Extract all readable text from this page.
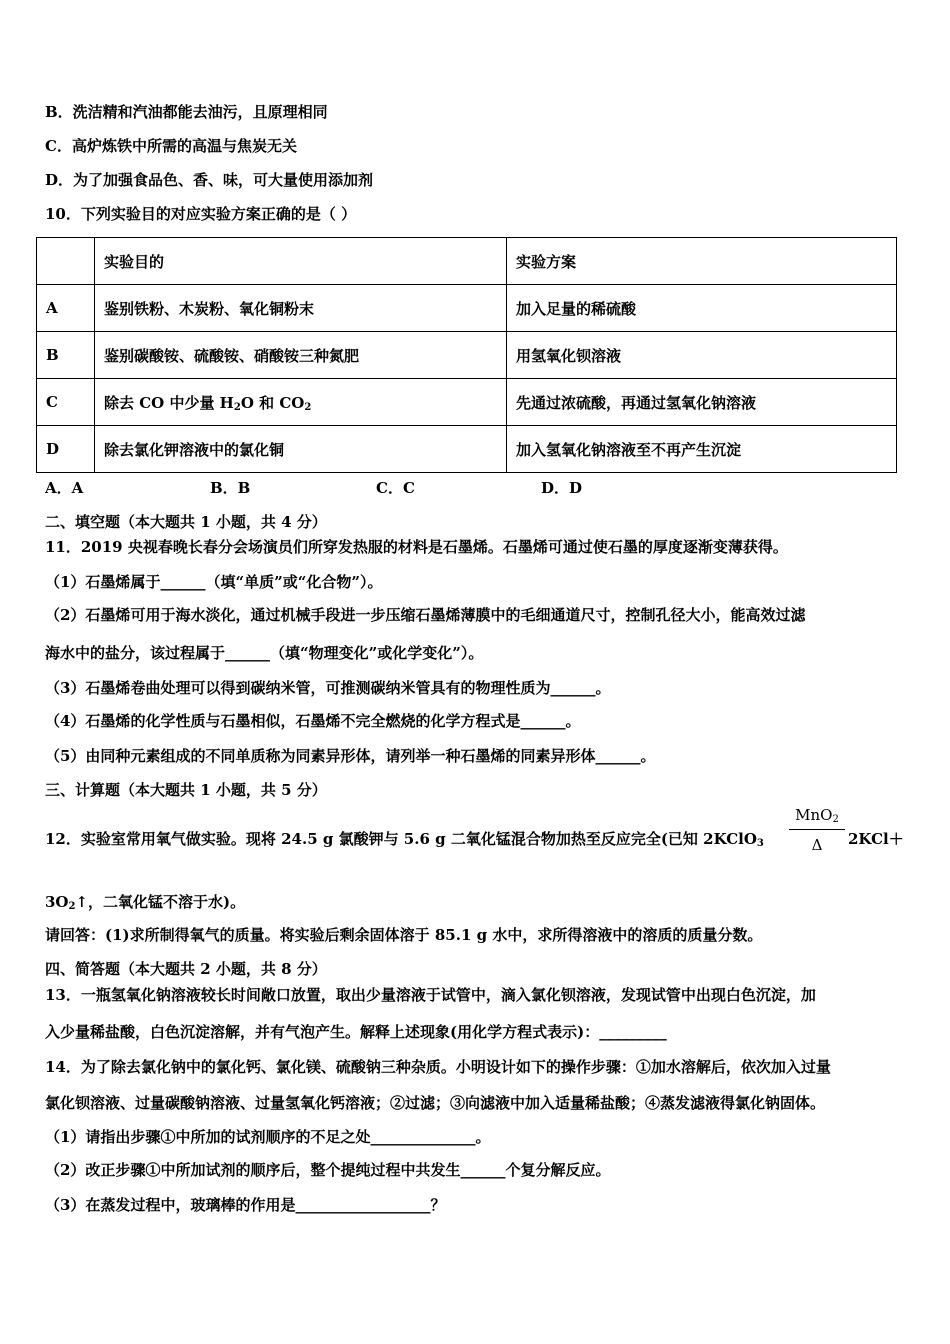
B．洗洁精和汽油都能去油污，且原理相同
C．高炉炼铁中所需的高温与焦炭无关
D．为了加强食品色、香、味，可大量使用添加剂
10．下列实验目的对应实验方案正确的是（ ）
	实验目的	实验方案
A	鉴别铁粉、木炭粉、氧化铜粉末	加入足量的稀硫酸
B	鉴别碳酸铵、硫酸铵、硝酸铵三种氮肥	用氢氧化钡溶液
C	除去 CO 中少量 $H_2O$ 和 $CO_2$	先通过浓硫酸，再通过氢氧化钠溶液
D	除去氯化钾溶液中的氯化铜	加入氢氧化钠溶液至不再产生沉淀
A．A	B．B	C．C	D．D
二、填空题（本大题共 1 小题，共 4 分）
11．2019 央视春晚长春分会场演员们所穿发热服的材料是石墨烯。石墨烯可通过使石墨的厚度逐渐变薄获得。
（1）石墨烯属于______（填“单质”或“化合物”）。
（2）石墨烯可用于海水淡化，通过机械手段进一步压缩石墨烯薄膜中的毛细通道尺寸，控制孔径大小，能高效过滤
海水中的盐分，该过程属于______（填“物理变化”或化学变化”）。
（3）石墨烯卷曲处理可以得到碳纳米管，可推测碳纳米管具有的物理性质为______。
（4）石墨烯的化学性质与石墨相似，石墨烯不完全燃烧的化学方程式是______。
（5）由同种元素组成的不同单质称为同素异形体，请列举一种石墨烯的同素异形体______。
三、计算题（本大题共 1 小题，共 5 分）
12．实验室常用氧气做实验。现将 24.5 g 氯酸钾与 5.6 g 二氧化锰混合物加热至反应完全(已知 2KClO$_3$
MnO$_2$
Δ	2KCl＋
$3O_2↑$，二氧化锰不溶于水)。
请回答：(1)求所制得氧气的质量。将实验后剩余固体溶于 85.1 g 水中，求所得溶液中的溶质的质量分数。
四、简答题（本大题共 2 小题，共 8 分）
13．一瓶氢氧化钠溶液较长时间敞口放置，取出少量溶液于试管中，滴入氯化钡溶液，发现试管中出现白色沉淀，加
入少量稀盐酸，白色沉淀溶解，并有气泡产生。解释上述现象(用化学方程式表示)：_________
14．为了除去氯化钠中的氯化钙、氯化镁、硫酸钠三种杂质。小明设计如下的操作步骤：①加水溶解后，依次加入过量
氯化钡溶液、过量碳酸钠溶液、过量氢氧化钙溶液；②过滤；③向滤液中加入适量稀盐酸；④蒸发滤液得氯化钠固体。
（1）请指出步骤①中所加的试剂顺序的不足之处______________。
（2）改正步骤①中所加试剂的顺序后，整个提纯过程中共发生______个复分解反应。
（3）在蒸发过程中，玻璃棒的作用是__________________？
